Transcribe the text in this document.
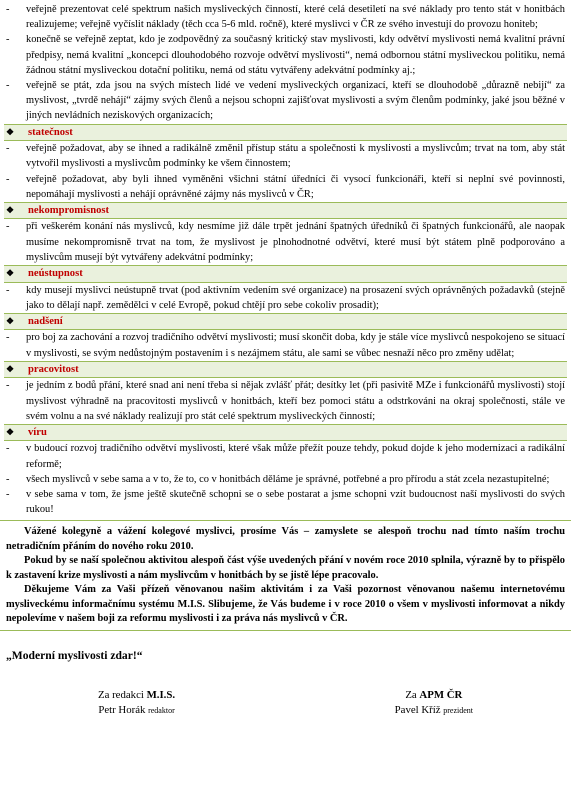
-	veřejně prezentovat celé spektrum našich mysliveckých činností, které celá desetiletí na své náklady pro tento stát v honitbách realizujeme; veřejně vyčíslit náklady (těch cca 5-6 mld. ročně), které myslivci v ČR ze svého investují do provozu honiteb;
-	konečně se veřejně zeptat, kdo je zodpovědný za současný kritický stav myslivosti, kdy odvětví myslivosti nemá kvalitní právní předpisy, nemá kvalitní „koncepci dlouhodobého rozvoje odvětví myslivosti“, nemá odbornou státní mysliveckou politiku, nemá žádnou státní mysliveckou dotační politiku, nemá od státu vytvářeny adekvátní podmínky aj.;
-	veřejně se ptát, zda jsou na svých místech lidé ve vedení mysliveckých organizací, kteří se dlouhodobě „důrazně nebijí“ za myslivost, „tvrdě nehájí“ zájmy svých členů a nejsou schopni zajišťovat myslivosti a svým členům podmínky, jaké jsou běžné v jiných nevládních neziskových organizacích;
❖	statečnost
-	veřejně požadovat, aby se ihned a radikálně změnil přístup státu a společnosti k myslivosti a myslivcům; trvat na tom, aby stát vytvořil myslivosti a myslivcům podmínky ke všem činnostem;
-	veřejně požadovat, aby byli ihned vyměněni všichni státní úředníci či vysocí funkcionáři, kteří si neplní své povinnosti, nepomáhají myslivosti a nehájí oprávněné zájmy nás myslivců v ČR;
❖	nekompromisnost
-	při veškerém konání nás myslivců, kdy nesmíme již dále trpět jednání špatných úředníků či špatných funkcionářů, ale naopak musíme nekompromisně trvat na tom, že myslivost je plnohodnotné odvětví, které musí být státem plně podporováno a myslivcům musejí být vytvářeny adekvátní podmínky;
❖	neústupnost
-	kdy musejí myslivci neústupně trvat (pod aktivním vedením své organizace) na prosazení svých oprávněných požadavků (stejně jako to dělají např. zemědělci v celé Evropě, pokud chtějí pro sebe cokoliv prosadit);
❖	nadšení
-	pro boj za zachování a rozvoj tradičního odvětví myslivosti; musí skončit doba, kdy je stále více myslivců nespokojeno se situací v myslivosti, se svým nedůstojným postavením i s nezájmem státu, ale sami se vůbec nesnaží něco pro změny udělat;
❖	pracovitost
-	je jedním z bodů přání, které snad ani není třeba si nějak zvlášť přát; desítky let (při pasivitě MZe i funkcionářů myslivosti) stojí myslivost výhradně na pracovitosti myslivců v honitbách, kteří bez pomoci státu a odstrkováni na okraj společnosti, stále ve svém volnu a na své náklady realizují pro stát celé spektrum mysliveckých činností;
❖	víru
-	v budoucí rozvoj tradičního odvětví myslivosti, které však může přežít pouze tehdy, pokud dojde k jeho modernizaci a radikální reformě;
-	všech myslivců v sebe sama a v to, že to, co v honitbách děláme je správné, potřebné a pro přírodu a stát zcela nezastupitelné;
-	v sebe sama v tom, že jsme ještě skutečně schopni se o sebe postarat a jsme schopni vzít budoucnost naší myslivosti do svých rukou!
Vážené kolegyně a vážení kolegové myslivci, prosíme Vás – zamyslete se alespoň trochu nad tímto naším trochu netradičním přáním do nového roku 2010.
Pokud by se naší společnou aktivitou alespoň část výše uvedených přání v novém roce 2010 splnila, výrazně by to přispělo k zastavení krize myslivosti a nám myslivcům v honitbách by se jistě lépe pracovalo.
Děkujeme Vám za Vaši přízeň věnovanou našim aktivitám i za Vaši pozornost věnovanou našemu internetovému mysliveckému informačnímu systému M.I.S. Slibujeme, že Vás budeme i v roce 2010 o všem v myslivosti informovat a nikdy nepolevíme v našem boji za reformu myslivosti i za práva nás myslivců v ČR.
„Moderní myslivosti zdar!“
Za redakci M.I.S.
Petr Horák redaktor
Za APM ČR
Pavel Kříž prezident
